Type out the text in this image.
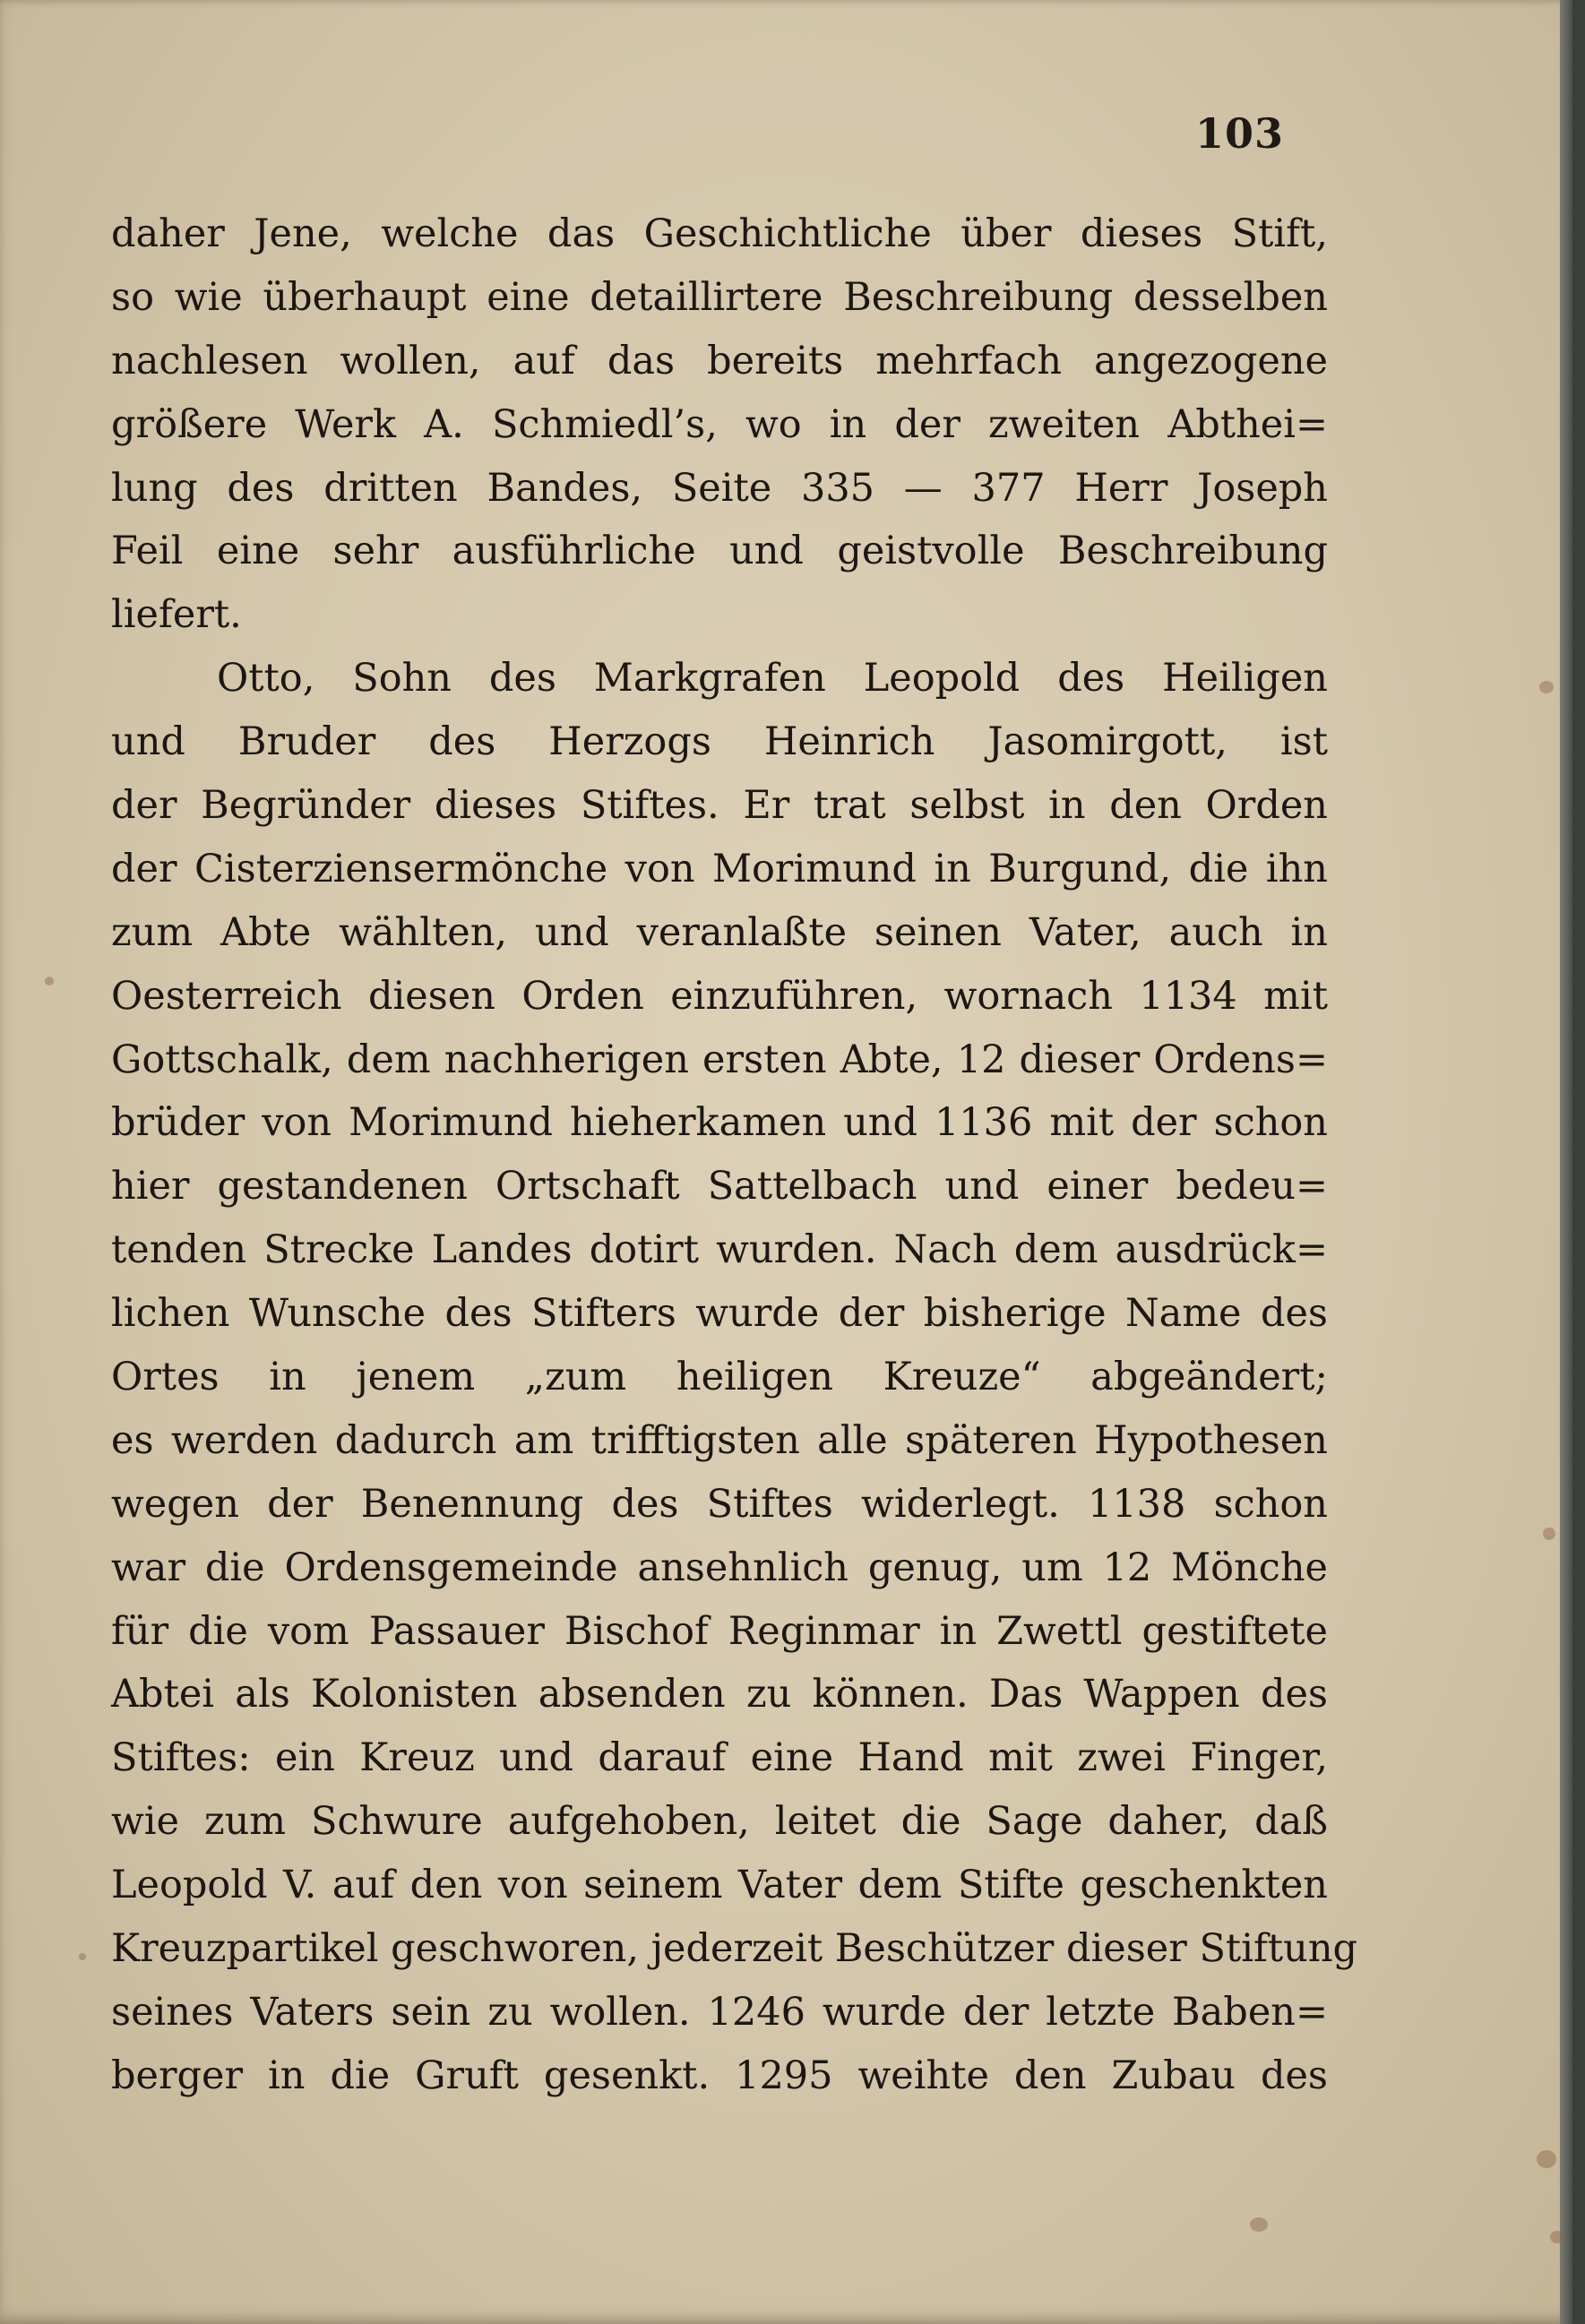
103
daher Jene, welche das Geschichtliche über dieses Stift,
so wie überhaupt eine detaillirtere Beschreibung desselben
nachlesen wollen, auf das bereits mehrfach angezogene
größere Werk A. Schmiedl’s, wo in der zweiten Abthei=
lung des dritten Bandes, Seite 335 — 377 Herr Joseph
Feil eine sehr ausführliche und geistvolle Beschreibung
liefert.
Otto, Sohn des Markgrafen Leopold des Heiligen
und Bruder des Herzogs Heinrich Jasomirgott, ist
der Begründer dieses Stiftes. Er trat selbst in den Orden
der Cisterziensermönche von Morimund in Burgund, die ihn
zum Abte wählten, und veranlaßte seinen Vater, auch in
Oesterreich diesen Orden einzuführen, wornach 1134 mit
Gottschalk, dem nachherigen ersten Abte, 12 dieser Ordens=
brüder von Morimund hieherkamen und 1136 mit der schon
hier gestandenen Ortschaft Sattelbach und einer bedeu=
tenden Strecke Landes dotirt wurden. Nach dem ausdrück=
lichen Wunsche des Stifters wurde der bisherige Name des
Ortes in jenem „zum heiligen Kreuze“ abgeändert;
es werden dadurch am trifftigsten alle späteren Hypothesen
wegen der Benennung des Stiftes widerlegt. 1138 schon
war die Ordensgemeinde ansehnlich genug, um 12 Mönche
für die vom Passauer Bischof Reginmar in Zwettl gestiftete
Abtei als Kolonisten absenden zu können. Das Wappen des
Stiftes: ein Kreuz und darauf eine Hand mit zwei Finger,
wie zum Schwure aufgehoben, leitet die Sage daher, daß
Leopold V. auf den von seinem Vater dem Stifte geschenkten
Kreuzpartikel geschworen, jederzeit Beschützer dieser Stiftung
seines Vaters sein zu wollen. 1246 wurde der letzte Baben=
berger in die Gruft gesenkt. 1295 weihte den Zubau des
